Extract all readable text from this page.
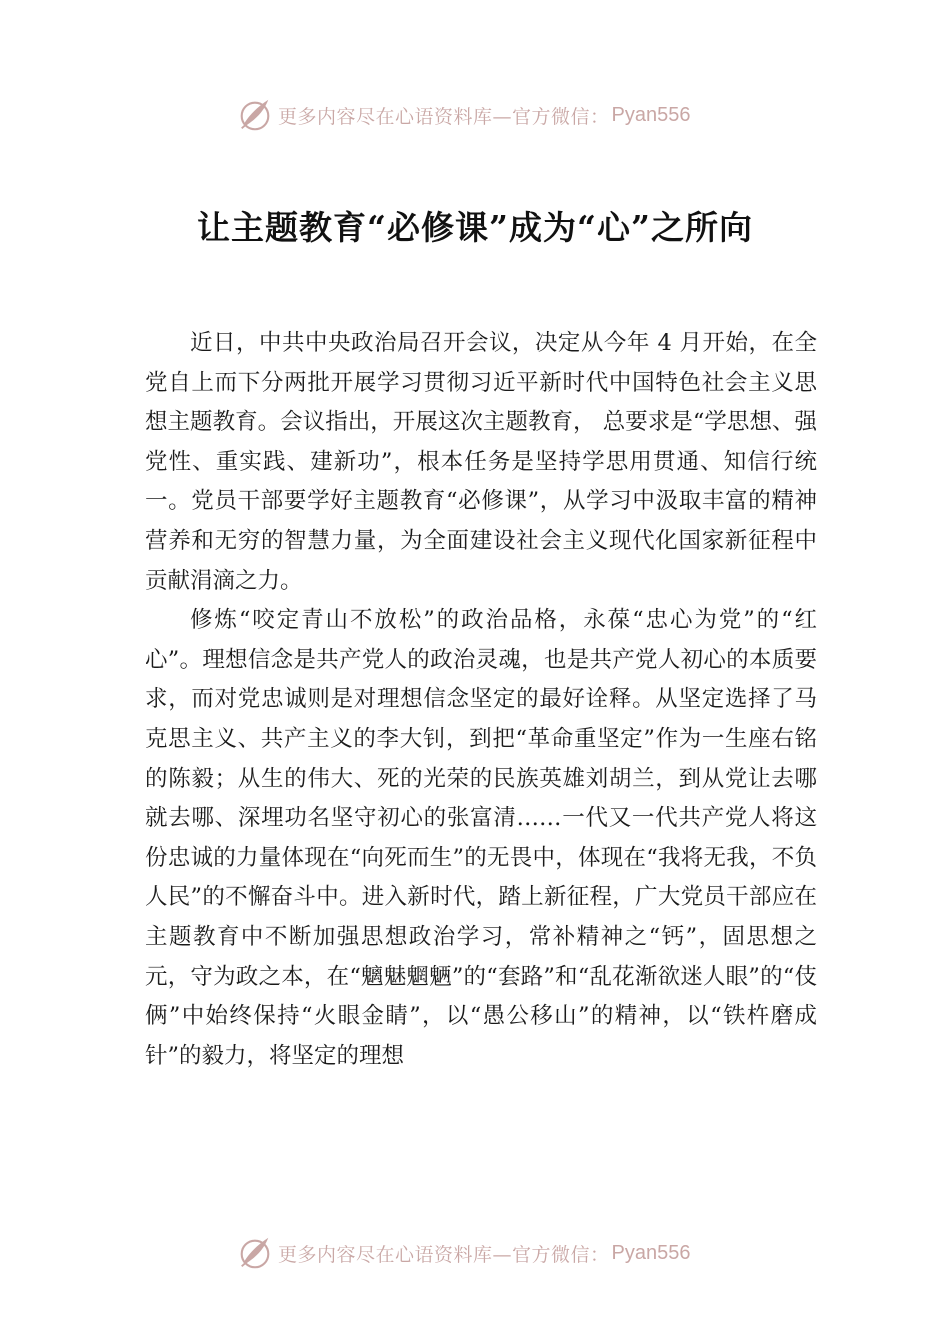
更多内容尽在心语资料库—官方微信： Pyan556
让主题教育“必修课”成为“心”之所向

近日，中共中央政治局召开会议，决定从今年 4 月开始，在全党自上而下分两批开展学习贯彻习近平新时代中国特色社会主义思想主题教育。会议指出，开展这次主题教育， 总要求是“学思想、强党性、重实践、建新功”，根本任务是坚持学思用贯通、知信行统一。党员干部要学好主题教育“必修课”，从学习中汲取丰富的精神营养和无穷的智慧力量，为全面建设社会主义现代化国家新征程中贡献涓滴之力。

修炼“咬定青山不放松”的政治品格，永葆“忠心为党”的“红心”。理想信念是共产党人的政治灵魂，也是共产党人初心的本质要求，而对党忠诚则是对理想信念坚定的最好诠释。从坚定选择了马克思主义、共产主义的李大钊，到把“革命重坚定”作为一生座右铭的陈毅；从生的伟大、死的光荣的民族英雄刘胡兰，到从党让去哪就去哪、深埋功名坚守初心的张富清……一代又一代共产党人将这份忠诚的力量体现在“向死而生”的无畏中，体现在“我将无我，不负人民”的不懈奋斗中。进入新时代，踏上新征程，广大党员干部应在主题教育中不断加强思想政治学习，常补精神之“钙”，固思想之元，守为政之本，在“魑魅魍魉”的“套路”和“乱花渐欲迷人眼”的“伎俩”中始终保持“火眼金睛”，以“愚公移山”的精神，以“铁杵磨成针”的毅力，将坚定的理想

更多内容尽在心语资料库—官方微信： Pyan556
